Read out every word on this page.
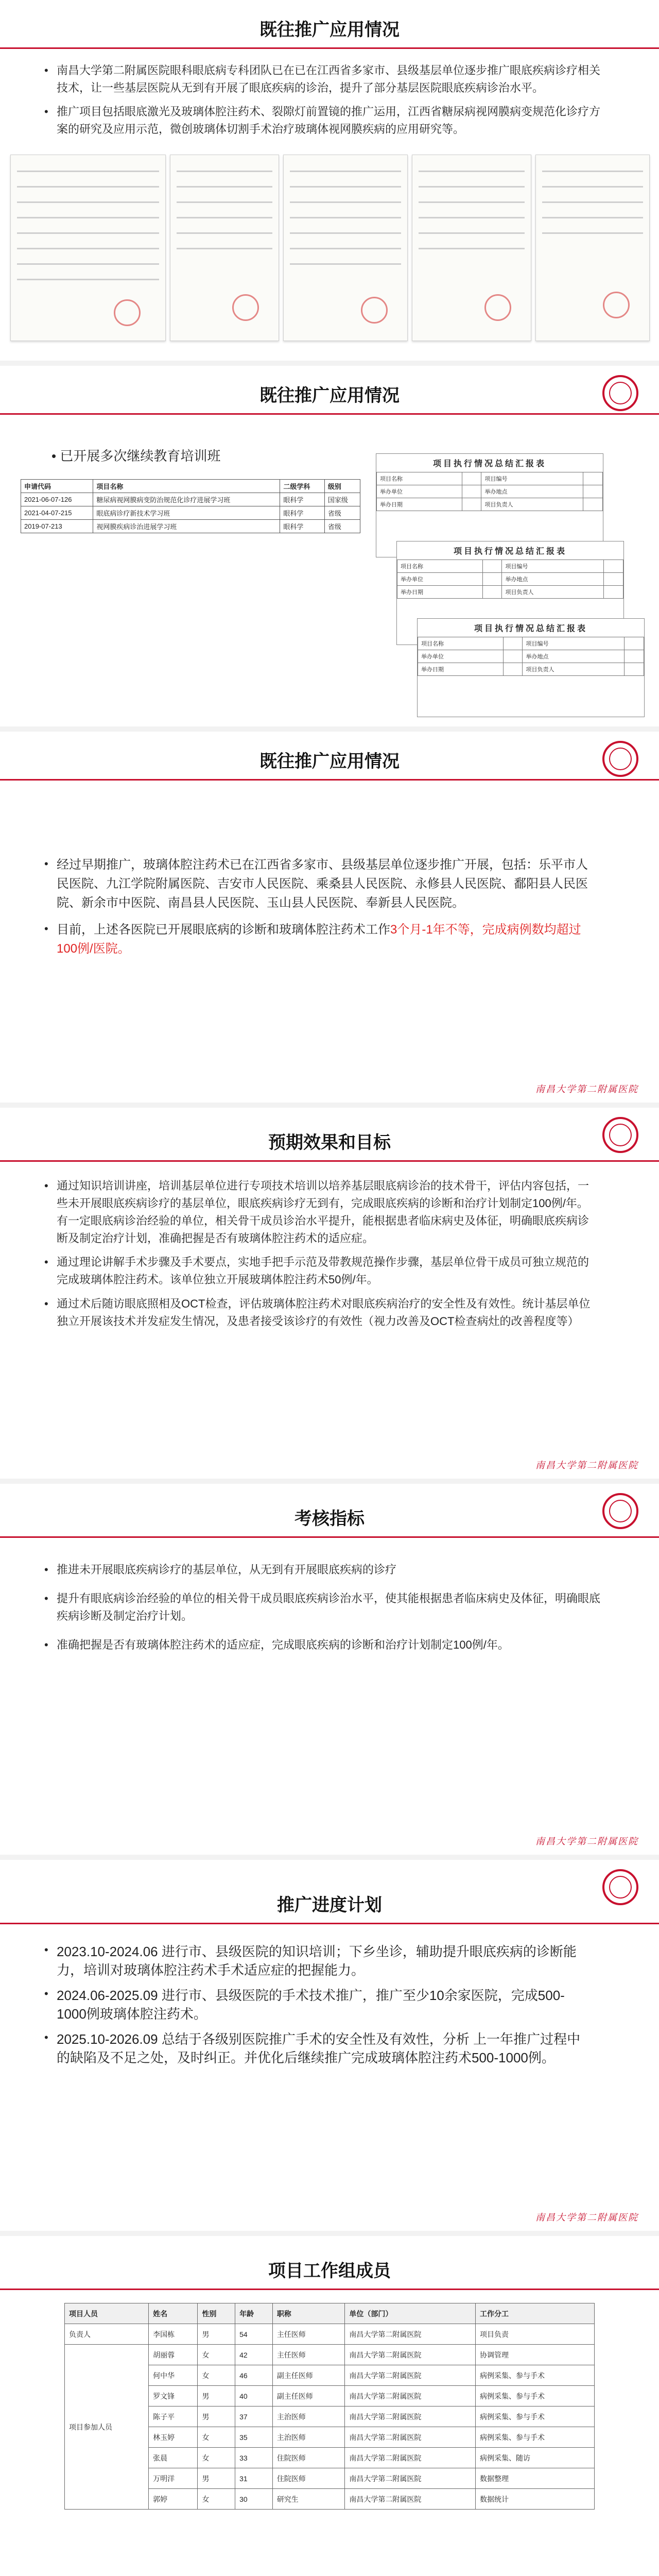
既往推广应用情况
• 南昌大学第二附属医院眼科眼底病专科团队已在已在江西省多家市、县级基层单位逐步推广眼底疾病诊疗相关技术，让一些基层医院从无到有开展了眼底疾病的诊治，提升了部分基层医院眼底疾病诊治水平。
• 推广项目包括眼底激光及玻璃体腔注药术、裂隙灯前置镜的推广运用，江西省糖尿病视网膜病变规范化诊疗方案的研究及应用示范，微创玻璃体切割手术治疗玻璃体视网膜疾病的应用研究等。
既往推广应用情况
• 已开展多次继续教育培训班
申请代码	项目名称	二级学科	级别
2021-06-07-126	糖尿病视网膜病变防治规范化诊疗进展学习班	眼科学	国家级
2021-04-07-215	眼底病诊疗新技术学习班	眼科学	省级
2019-07-213	视网膜疾病诊治进展学习班	眼科学	省级
项目执行情况总结汇报表
项目名称		项目编号	
举办单位		举办地点	
举办日期		项目负责人	
项目执行情况总结汇报表
项目名称		项目编号	
举办单位		举办地点	
举办日期		项目负责人	
项目执行情况总结汇报表
项目名称		项目编号	
举办单位		举办地点	
举办日期		项目负责人	
既往推广应用情况
• 经过早期推广，玻璃体腔注药术已在江西省多家市、县级基层单位逐步推广开展，包括：乐平市人民医院、九江学院附属医院、吉安市人民医院、乘桑县人民医院、永修县人民医院、鄱阳县人民医院、新余市中医院、南昌县人民医院、玉山县人民医院、奉新县人民医院。
• 目前，上述各医院已开展眼底病的诊断和玻璃体腔注药术工作3个月-1年不等，完成病例数均超过100例/医院。
南昌大学第二附属医院
预期效果和目标
• 通过知识培训讲座，培训基层单位进行专项技术培训以培养基层眼底病诊治的技术骨干，评估内容包括，一些未开展眼底疾病诊疗的基层单位，眼底疾病诊疗无到有，完成眼底疾病的诊断和治疗计划制定100例/年。有一定眼底病诊治经验的单位，相关骨干成员诊治水平提升，能根据患者临床病史及体征，明确眼底疾病诊断及制定治疗计划，准确把握是否有玻璃体腔注药术的适应症。
• 通过理论讲解手术步骤及手术要点，实地手把手示范及带教规范操作步骤，基层单位骨干成员可独立规范的完成玻璃体腔注药术。该单位独立开展玻璃体腔注药术50例/年。
• 通过术后随访眼底照相及OCT检查，评估玻璃体腔注药术对眼底疾病治疗的安全性及有效性。统计基层单位独立开展该技术并发症发生情况，及患者接受该诊疗的有效性（视力改善及OCT检查病灶的改善程度等）
南昌大学第二附属医院
考核指标
• 推进未开展眼底疾病诊疗的基层单位，从无到有开展眼底疾病的诊疗
• 提升有眼底病诊治经验的单位的相关骨干成员眼底疾病诊治水平，使其能根据患者临床病史及体征，明确眼底疾病诊断及制定治疗计划。
• 准确把握是否有玻璃体腔注药术的适应症，完成眼底疾病的诊断和治疗计划制定100例/年。
南昌大学第二附属医院
推广进度计划
• 2023.10-2024.06 进行市、县级医院的知识培训；下乡坐诊，辅助提升眼底疾病的诊断能力，培训对玻璃体腔注药术手术适应症的把握能力。
• 2024.06-2025.09 进行市、县级医院的手术技术推广，推广至少10余家医院，完成500-1000例玻璃体腔注药术。
• 2025.10-2026.09 总结于各级别医院推广手术的安全性及有效性，分析 上一年推广过程中的缺陷及不足之处，及时纠正。并优化后继续推广完成玻璃体腔注药术500-1000例。
南昌大学第二附属医院
项目工作组成员
项目人员	姓名	性别	年龄	职称	单位（部门）	工作分工
负责人	李国栋	男	54	主任医师	南昌大学第二附属医院	项目负责
项目参加人员	胡丽蓉	女	42	主任医师	南昌大学第二附属医院	协调管理
	何中华	女	46	副主任医师	南昌大学第二附属医院	病例采集、参与手术
	罗文锋	男	40	副主任医师	南昌大学第二附属医院	病例采集、参与手术
	陈子平	男	37	主治医师	南昌大学第二附属医院	病例采集、参与手术
	林玉婷	女	35	主治医师	南昌大学第二附属医院	病例采集、参与手术
	张晨	女	33	住院医师	南昌大学第二附属医院	病例采集、随访
	万明洋	男	31	住院医师	南昌大学第二附属医院	数据整理
	郭婷	女	30	研究生	南昌大学第二附属医院	数据统计
